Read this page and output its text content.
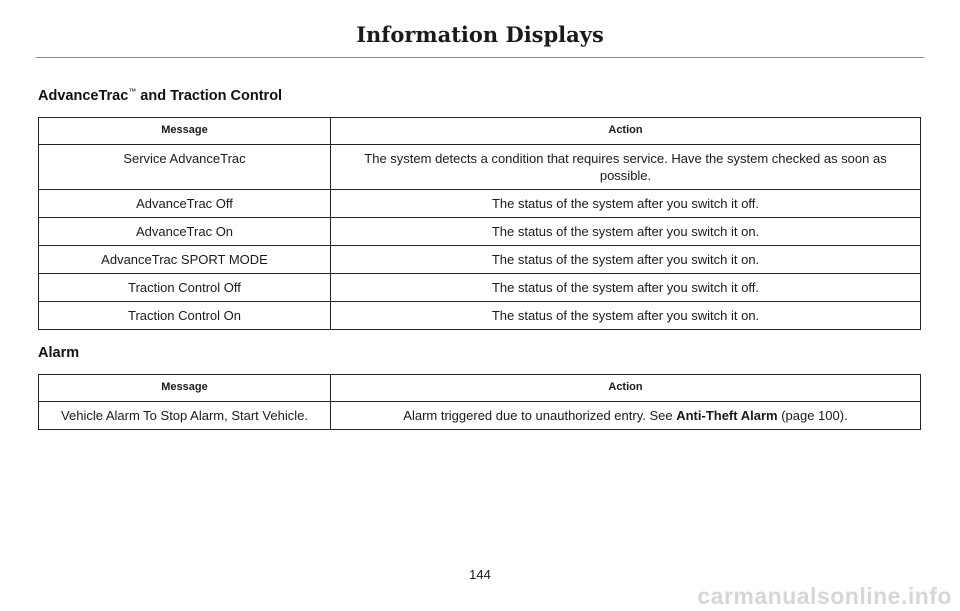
Information Displays
AdvanceTrac™ and Traction Control
Message	Action
Service AdvanceTrac	The system detects a condition that requires service. Have the system checked as soon as possible.
AdvanceTrac Off	The status of the system after you switch it off.
AdvanceTrac On	The status of the system after you switch it on.
AdvanceTrac SPORT MODE	The status of the system after you switch it on.
Traction Control Off	The status of the system after you switch it off.
Traction Control On	The status of the system after you switch it on.
Alarm
Message	Action
Vehicle Alarm To Stop Alarm, Start Vehicle.	Alarm triggered due to unauthorized entry. See Anti-Theft Alarm (page 100).
144
carmanualsonline.info
